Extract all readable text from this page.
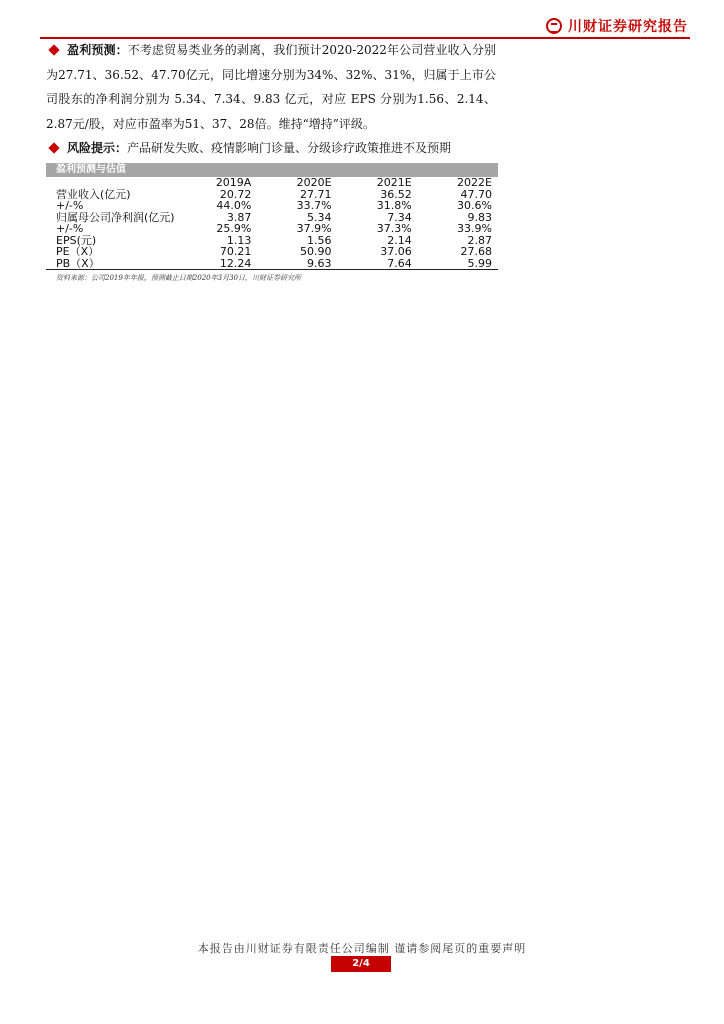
川财证券研究报告
盈利预测：不考虑贸易类业务的剥离，我们预计2020-2022年公司营业收入分别为27.71、36.52、47.70亿元，同比增速分别为34%、32%、31%，归属于上市公司股东的净利润分别为 5.34、7.34、9.83 亿元，对应 EPS 分别为1.56、2.14、2.87元/股，对应市盈率为51、37、28倍。维持“增持”评级。
风险提示：产品研发失败、疫情影响门诊量、分级诊疗政策推进不及预期
盈利预测与估值
	2019A	2020E	2021E	2022E
营业收入(亿元)	20.72	27.71	36.52	47.70
+/-%	44.0%	33.7%	31.8%	30.6%
归属母公司净利润(亿元)	3.87	5.34	7.34	9.83
+/-%	25.9%	37.9%	37.3%	33.9%
EPS(元)	1.13	1.56	2.14	2.87
PE（X）	70.21	50.90	37.06	27.68
PB（X）	12.24	9.63	7.64	5.99
资料来源：公司2019年年报，预测截止日期2020年3月30日，川财证券研究所
本报告由川财证券有限责任公司编制 谨请参阅尾页的重要声明
2/4
